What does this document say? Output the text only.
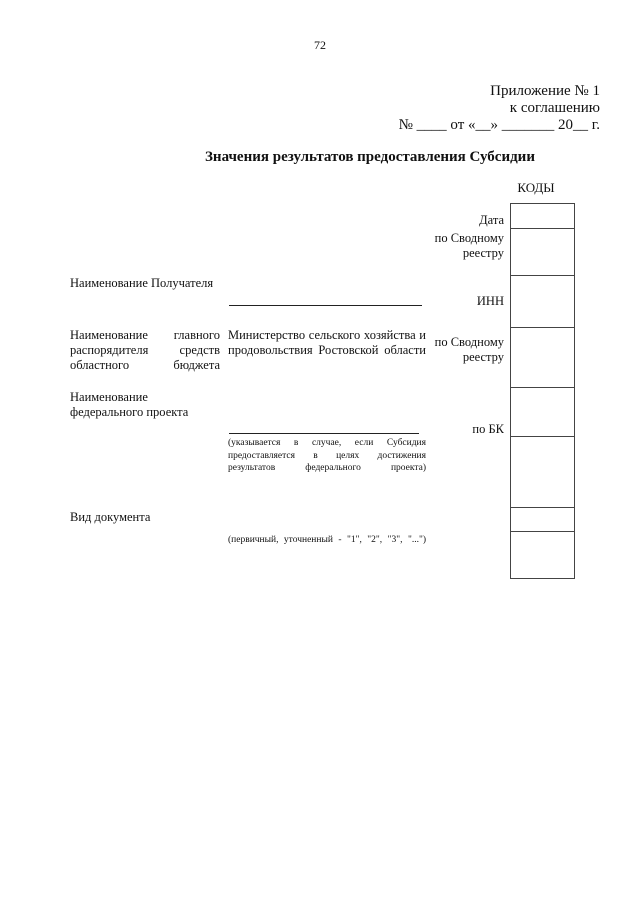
72
Приложение № 1
к соглашению
№ ____ от «__» _______ 20__ г.
Значения результатов предоставления Субсидии
КОДЫ
Наименование Получателя
Наименование главного распорядителя средств областного бюджета
Министерство сельского хозяйства и продовольствия Ростовской области
Наименование федерального проекта
(указывается в случае, если Субсидия предоставляется в целях достижения результатов федерального проекта)
Вид документа
(первичный, уточненный - "1", "2", "3", "...")
Дата
по Сводному реестру
ИНН
по Сводному реестру
по БК
